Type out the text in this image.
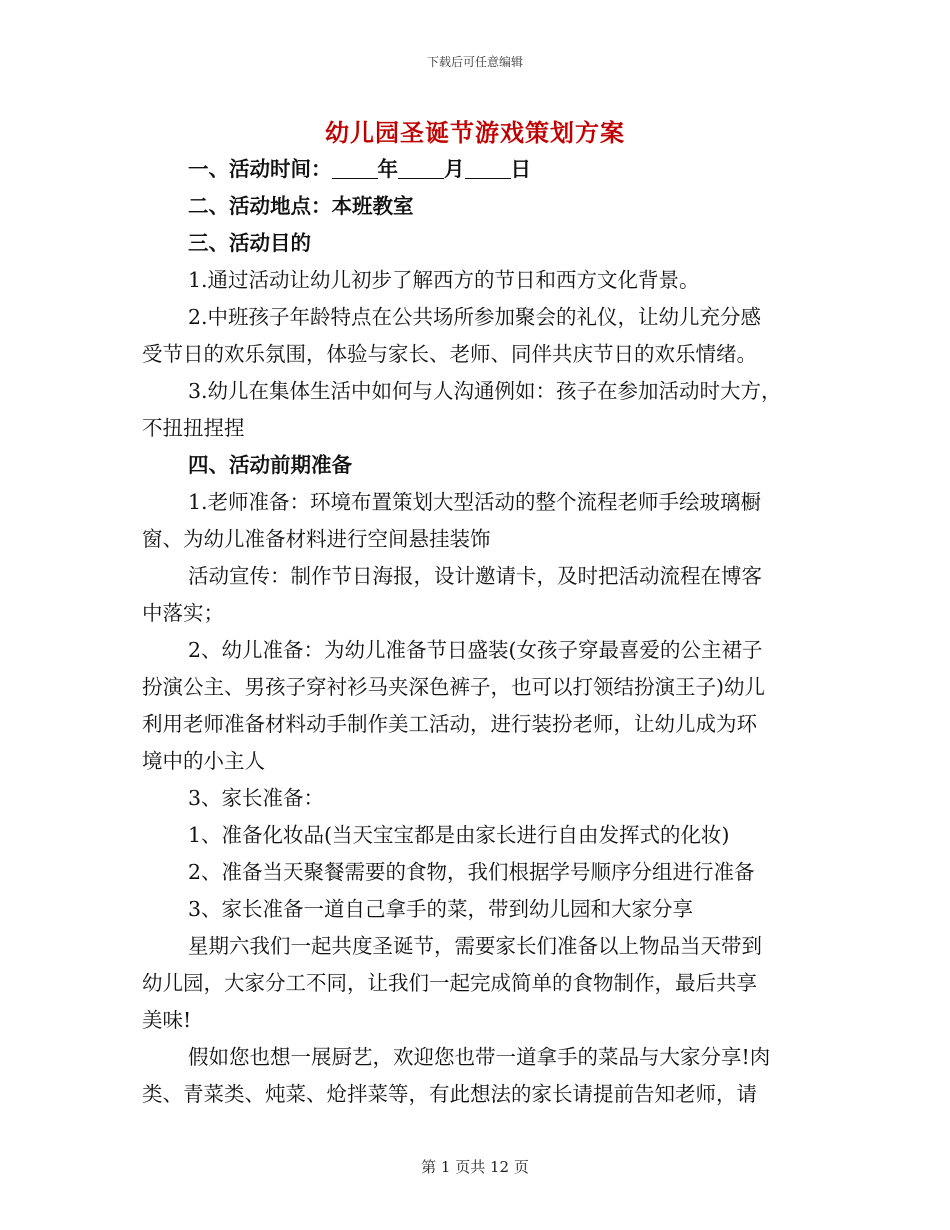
下载后可任意编辑
幼儿园圣诞节游戏策划方案
一、活动时间： 年 月 日
二、活动地点：本班教室
三、活动目的
1.通过活动让幼儿初步了解西方的节日和西方文化背景。
2.中班孩子年龄特点在公共场所参加聚会的礼仪，让幼儿充分感
受节日的欢乐氛围，体验与家长、老师、同伴共庆节日的欢乐情绪。
3.幼儿在集体生活中如何与人沟通例如：孩子在参加活动时大方，
不扭扭捏捏
四、活动前期准备
1.老师准备：环境布置策划大型活动的整个流程老师手绘玻璃橱
窗、为幼儿准备材料进行空间悬挂装饰
活动宣传：制作节日海报，设计邀请卡，及时把活动流程在博客
中落实；
2、幼儿准备：为幼儿准备节日盛装(女孩子穿最喜爱的公主裙子
扮演公主、男孩子穿衬衫马夹深色裤子，也可以打领结扮演王子)幼儿
利用老师准备材料动手制作美工活动，进行装扮老师，让幼儿成为环
境中的小主人
3、家长准备：
1、准备化妆品(当天宝宝都是由家长进行自由发挥式的化妆)
2、准备当天聚餐需要的食物，我们根据学号顺序分组进行准备
3、家长准备一道自己拿手的菜，带到幼儿园和大家分享
星期六我们一起共度圣诞节，需要家长们准备以上物品当天带到
幼儿园，大家分工不同，让我们一起完成简单的食物制作，最后共享
美味!
假如您也想一展厨艺，欢迎您也带一道拿手的菜品与大家分享!肉
类、青菜类、炖菜、炝拌菜等，有此想法的家长请提前告知老师，请
第 1 页共 12 页
